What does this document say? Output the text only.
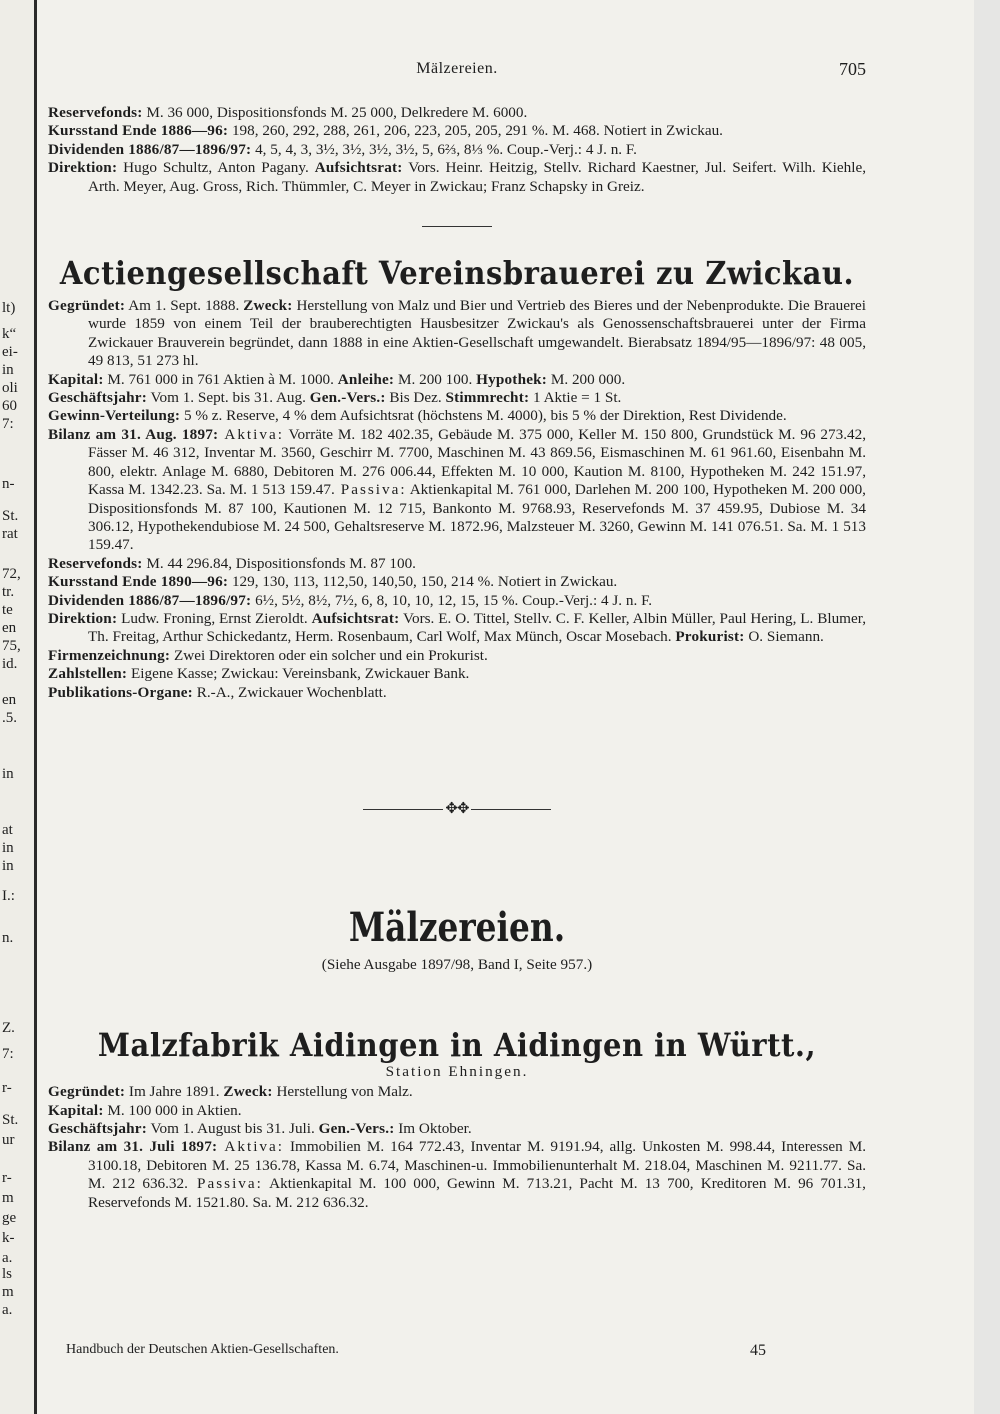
lt)
k“
ei-
in
oli
60
7:
n-
St.
rat
72,
tr.
te
en
75,
id.
en
.5.
in
at
in
in
I.:
n.
Z.
7:
r-
St.
ur
r-
m
ge
k-
a.
ls
m
a.
Mälzereien.	705

Reservefonds: M. 36 000, Dispositionsfonds M. 25 000, Delkredere M. 6000.

Kursstand Ende 1886—96: 198, 260, 292, 288, 261, 206, 223, 205, 205, 291 %. M. 468. Notiert in Zwickau.

Dividenden 1886/87—1896/97: 4, 5, 4, 3, 3½, 3½, 3½, 3½, 5, 6⅔, 8⅓ %. Coup.-Verj.: 4 J. n. F.

Direktion: Hugo Schultz, Anton Pagany. Aufsichtsrat: Vors. Heinr. Heitzig, Stellv. Richard Kaestner, Jul. Seifert. Wilh. Kiehle, Arth. Meyer, Aug. Gross, Rich. Thümmler, C. Meyer in Zwickau; Franz Schapsky in Greiz.

Actiengesellschaft Vereinsbrauerei zu Zwickau.

Gegründet: Am 1. Sept. 1888. Zweck: Herstellung von Malz und Bier und Vertrieb des Bieres und der Nebenprodukte. Die Brauerei wurde 1859 von einem Teil der brauberechtigten Hausbesitzer Zwickau's als Genossenschaftsbrauerei unter der Firma Zwickauer Brauverein begründet, dann 1888 in eine Aktien-Gesellschaft umgewandelt. Bierabsatz 1894/95—1896/97: 48 005, 49 813, 51 273 hl.

Kapital: M. 761 000 in 761 Aktien à M. 1000. Anleihe: M. 200 100. Hypothek: M. 200 000.

Geschäftsjahr: Vom 1. Sept. bis 31. Aug. Gen.-Vers.: Bis Dez. Stimmrecht: 1 Aktie = 1 St.

Gewinn-Verteilung: 5 % z. Reserve, 4 % dem Aufsichtsrat (höchstens M. 4000), bis 5 % der Direktion, Rest Dividende.

Bilanz am 31. Aug. 1897: Aktiva: Vorräte M. 182 402.35, Gebäude M. 375 000, Keller M. 150 800, Grundstück M. 96 273.42, Fässer M. 46 312, Inventar M. 3560, Geschirr M. 7700, Maschinen M. 43 869.56, Eismaschinen M. 61 961.60, Eisenbahn M. 800, elektr. Anlage M. 6880, Debitoren M. 276 006.44, Effekten M. 10 000, Kaution M. 8100, Hypotheken M. 242 151.97, Kassa M. 1342.23. Sa. M. 1 513 159.47. Passiva: Aktienkapital M. 761 000, Darlehen M. 200 100, Hypotheken M. 200 000, Dispositionsfonds M. 87 100, Kautionen M. 12 715, Bankonto M. 9768.93, Reservefonds M. 37 459.95, Dubiose M. 34 306.12, Hypothekendubiose M. 24 500, Gehaltsreserve M. 1872.96, Malzsteuer M. 3260, Gewinn M. 141 076.51. Sa. M. 1 513 159.47.

Reservefonds: M. 44 296.84, Dispositionsfonds M. 87 100.

Kursstand Ende 1890—96: 129, 130, 113, 112,50, 140,50, 150, 214 %. Notiert in Zwickau.

Dividenden 1886/87—1896/97: 6½, 5½, 8½, 7½, 6, 8, 10, 10, 12, 15, 15 %. Coup.-Verj.: 4 J. n. F.

Direktion: Ludw. Froning, Ernst Zieroldt. Aufsichtsrat: Vors. E. O. Tittel, Stellv. C. F. Keller, Albin Müller, Paul Hering, L. Blumer, Th. Freitag, Arthur Schickedantz, Herm. Rosenbaum, Carl Wolf, Max Münch, Oscar Mosebach. Prokurist: O. Siemann.

Firmenzeichnung: Zwei Direktoren oder ein solcher und ein Prokurist.

Zahlstellen: Eigene Kasse; Zwickau: Vereinsbank, Zwickauer Bank.

Publikations-Organe: R.-A., Zwickauer Wochenblatt.

✥✥
Mälzereien.

(Siehe Ausgabe 1897/98, Band I, Seite 957.)

Malzfabrik Aidingen in Aidingen in Württ.,
Station Ehningen.

Gegründet: Im Jahre 1891. Zweck: Herstellung von Malz.

Kapital: M. 100 000 in Aktien.

Geschäftsjahr: Vom 1. August bis 31. Juli. Gen.-Vers.: Im Oktober.

Bilanz am 31. Juli 1897: Aktiva: Immobilien M. 164 772.43, Inventar M. 9191.94, allg. Unkosten M. 998.44, Interessen M. 3100.18, Debitoren M. 25 136.78, Kassa M. 6.74, Maschinen-u. Immobilienunterhalt M. 218.04, Maschinen M. 9211.77. Sa. M. 212 636.32. Passiva: Aktienkapital M. 100 000, Gewinn M. 713.21, Pacht M. 13 700, Kreditoren M. 96 701.31, Reservefonds M. 1521.80. Sa. M. 212 636.32.

Handbuch der Deutschen Aktien-Gesellschaften.	45
